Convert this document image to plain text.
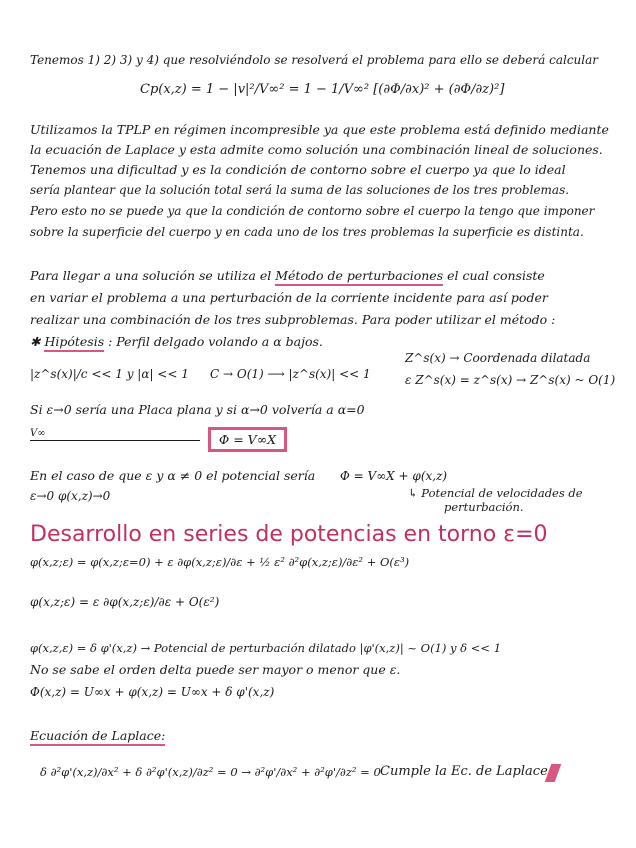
Tenemos 1) 2) 3) y 4) que resolviéndolo se resolverá el problema para ello se deberá calcular
Cp(x,z) = 1 − |v|²/V∞² = 1 − 1/V∞² [(∂Φ/∂x)² + (∂Φ/∂z)²]
Utilizamos la TPLP en régimen incompresible ya que este problema está definido mediante
la ecuación de Laplace y esta admite como solución una combinación lineal de soluciones.
Tenemos una dificultad y es la condición de contorno sobre el cuerpo ya que lo ideal
sería plantear que la solución total será la suma de las soluciones de los tres problemas.
Pero esto no se puede ya que la condición de contorno sobre el cuerpo la tengo que imponer
sobre la superficie del cuerpo y en cada uno de los tres problemas la superficie es distinta.
Para llegar a una solución se utiliza el Método de perturbaciones el cual consiste
en variar el problema a una perturbación de la corriente incidente para así poder
realizar una combinación de los tres subproblemas. Para poder utilizar el método :
✱ Hipótesis : Perfil delgado volando a α bajos.
|z^s(x)|/c << 1 y |α| << 1 C → O(1) ⟶ |z^s(x)| << 1
Z^s(x) → Coordenada dilatada
ε Z^s(x) = z^s(x) → Z^s(x) ~ O(1)
Si ε→0 sería una Placa plana y si α→0 volvería a α=0
V∞	Φ = V∞X
En el caso de que ε y α ≠ 0 el potencial sería Φ = V∞X + φ(x,z)
ε→0 φ(x,z)→0	↳ Potencial de velocidades de
perturbación.
Desarrollo en series de potencias en torno ε=0
φ(x,z;ε) = φ(x,z;ε=0) + ε ∂φ(x,z;ε)/∂ε + ½ ε² ∂²φ(x,z;ε)/∂ε² + O(ε³)
φ(x,z;ε) = ε ∂φ(x,z;ε)/∂ε + O(ε²)
φ(x,z,ε) = δ φ'(x,z) → Potencial de perturbación dilatado |φ'(x,z)| ~ O(1) y δ << 1
No se sabe el orden delta puede ser mayor o menor que ε.
Φ(x,z) = U∞x + φ(x,z) = U∞x + δ φ'(x,z)
Ecuación de Laplace:
δ ∂²φ'(x,z)/∂x² + δ ∂²φ'(x,z)/∂z² = 0 → ∂²φ'/∂x² + ∂²φ'/∂z² = 0 Cumple la Ec. de Laplace
